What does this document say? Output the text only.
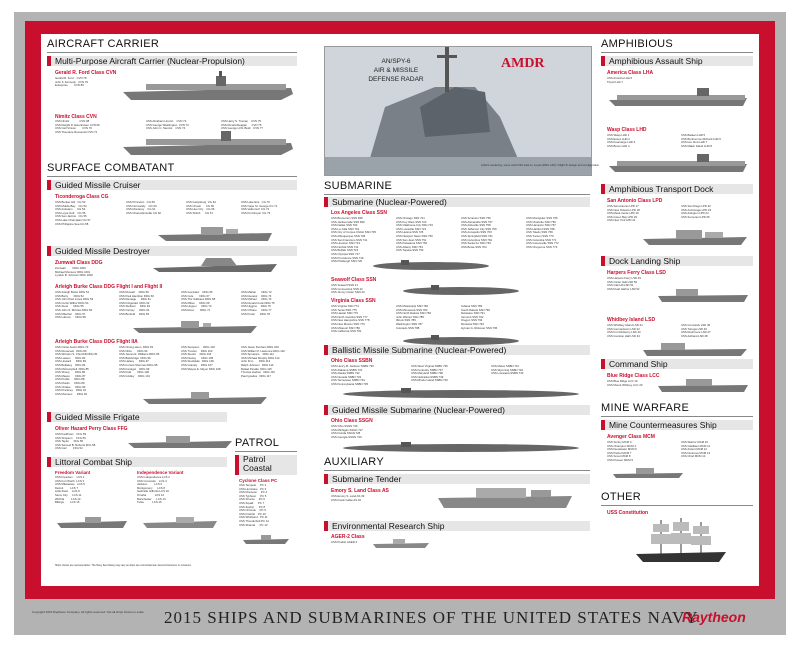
AIRCRAFT CARRIER
Multi-Purpose Aircraft Carrier (Nuclear-Propulsion)
Gerald R. Ford Class CVN
Gerald R. Ford    CVN 78
John F. Kennedy   CVN 79
Enterprise        CVN 80
Nimitz Class CVN
USS Nimitz             CVN 68
USS Dwight D. Eisenhower CVN 69
USS Carl Vinson        CVN 70
USS Theodore Roosevelt CVN 71
USS Abraham Lincoln    CVN 72
USS George Washington  CVN 73
USS John C. Stennis    CVN 74
USS Harry S. Truman    CVN 75
USS Ronald Reagan      CVN 76
USS George H.W. Bush   CVN 77
SURFACE COMBATANT
Guided Missile Cruiser
Ticonderoga Class CG
USS Bunker Hill   CG 52
USS Mobile Bay    CG 53
USS Antietam      CG 54
USS Leyte Gulf    CG 55
USS San Jacinto   CG 56
USS Lake Champlain CG 57
USS Philippine Sea CG 58
USS Princeton   CG 59
USS Normandy    CG 60
USS Monterey    CG 61
USS Chancellorsville CG 62
USS Gettysburg  CG 64
USS Chosin      CG 65
USS Hue City    CG 66
USS Shiloh      CG 67
USS Lake Erie   CG 70
USS Cape St. George CG 71
USS Vella Gulf  CG 72
USS Port Royal  CG 73
Guided Missile Destroyer
Zumwalt Class DDG
Zumwalt         DDG 1000
Michael Monsoor DDG 1001
Lyndon B. Johnson DDG 1002
Arleigh Burke Class DDG Flight I and Flight II
USS Arleigh Burke DDG 51
USS Barry       DDG 52
USS John Paul Jones DDG 53
USS Curtis Wilbur DDG 54
USS Stout       DDG 55
USS John S. McCain DDG 56
USS Mitscher    DDG 57
USS Laboon      DDG 58
USS Russell     DDG 59
USS Paul Hamilton DDG 60
USS Ramage      DDG 61
USS Fitzgerald  DDG 62
USS Stethem     DDG 63
USS Carney      DDG 64
USS Benfold     DDG 65
USS Gonzalez    DDG 66
USS Cole        DDG 67
USS The Sullivans DDG 68
USS Milius      DDG 69
USS Hopper      DDG 70
USS Ross        DDG 71
USS Mahan       DDG 72
USS Decatur     DDG 73
USS McFaul      DDG 74
USS Donald Cook DDG 75
USS Higgins     DDG 76
USS O'Kane      DDG 77
USS Porter      DDG 78
Arleigh Burke Class DDG Flight IIA
USS Oscar Austin DDG 79
USS Roosevelt   DDG 80
USS Winston S. Churchill DDG 81
USS Lassen      DDG 82
USS Howard      DDG 83
USS Bulkeley    DDG 84
USS McCampbell  DDG 85
USS Shoup       DDG 86
USS Mason       DDG 87
USS Preble      DDG 88
USS Mustin      DDG 89
USS Chafee      DDG 90
USS Pinckney    DDG 91
USS Momsen      DDG 92
USS Chung-Hoon  DDG 93
USS Nitze       DDG 94
USS James E. Williams DDG 95
USS Bainbridge  DDG 96
USS Halsey      DDG 97
USS Forrest Sherman DDG 98
USS Farragut    DDG 99
USS Kidd        DDG 100
USS Gridley     DDG 101
USS Sampson     DDG 102
USS Truxtun     DDG 103
USS Sterett     DDG 104
USS Dewey       DDG 105
USS Stockdale   DDG 106
USS Gravely     DDG 107
USS Wayne E. Meyer DDG 108
USS Jason Dunham DDG 109
USS William P. Lawrence DDG 110
USS Spruance    DDG 111
USS Michael Murphy DDG 112
John Finn       DDG 113
Ralph Johnson   DDG 114
Rafael Peralta  DDG 115
Thomas Hudner   DDG 116
Paul Ignatius   DDG 117
Guided Missile Frigate
Oliver Hazard Perry Class FFG
USS Kauffman    FFG 59
USS Simpson     FFG 56
USS Taylor      FFG 50
USS Samuel B. Roberts FFG 58
USS Carr        FFG 52
Littoral Combat Ship
Freedom Variant
USS Freedom     LCS 1
USS Fort Worth  LCS 3
USS Milwaukee   LCS 5
Detroit         LCS 7
Little Rock     LCS 9
Sioux City      LCS 11
Wichita         LCS 13
Billings        LCS 15
Independence Variant
USS Independence LCS 2
USS Coronado    LCS 4
Jackson         LCS 6
Montgomery      LCS 8
Gabrielle Giffords LCS 10
Omaha           LCS 12
Manchester      LCS 14
Tulsa           LCS 16
Ships shown are representative. The Navy fleet listing may vary as ships are commissioned, decommissioned, or renamed.
PATROL
Patrol
Coastal
Cyclone Class PC
USS Tempest     PC 2
USS Hurricane   PC 3
USS Monsoon     PC 4
USS Typhoon     PC 5
USS Sirocco     PC 6
USS Squall      PC 7
USS Zephyr      PC 8
USS Chinook     PC 9
USS Firebolt    PC 10
USS Whirlwind   PC 11
USS Thunderbolt PC 12
USS Shamal      PC 13
AN/SPY-6
AIR & MISSILE
DEFENSE RADAR
AMDR
Artist's rendering, some craft USS Jack H. Lucas (DDG 125) / Flight III design and configuration
SUBMARINE
Submarine (Nuclear-Powered)
Los Angeles Class SSN
USS Bremerton SSN 698
USS Jacksonville SSN 699
USS Dallas SSN 700
USS La Jolla SSN 701
USS City of Corpus Christi SSN 705
USS Albuquerque SSN 706
USS San Francisco SSN 711
USS Houston SSN 713
USS Norfolk SSN 714
USS Buffalo SSN 715
USS Olympia SSN 717
USS Providence SSN 719
USS Pittsburgh SSN 720
USS Chicago SSN 721
USS Key West SSN 722
USS Oklahoma City SSN 723
USS Louisville SSN 724
USS Helena SSN 725
USS Newport News SSN 750
USS San Juan SSN 751
USS Pasadena SSN 752
USS Albany SSN 753
USS Topeka SSN 754
USS Scranton SSN 756
USS Alexandria SSN 757
USS Asheville SSN 758
USS Jefferson City SSN 759
USS Annapolis SSN 760
USS Springfield SSN 761
USS Columbus SSN 762
USS Santa Fe SSN 763
USS Boise SSN 764
USS Montpelier SSN 765
USS Charlotte SSN 766
USS Hampton SSN 767
USS Hartford SSN 768
USS Toledo SSN 769
USS Tucson SSN 770
USS Columbia SSN 771
USS Greeneville SSN 772
USS Cheyenne SSN 773
Seawolf Class SSN
USS Seawolf SSN 21
USS Connecticut SSN 22
USS Jimmy Carter SSN 23
Virginia Class SSN
USS Virginia SSN 774
USS Texas SSN 775
USS Hawaii SSN 776
USS North Carolina SSN 777
USS New Hampshire SSN 778
USS New Mexico SSN 779
USS Missouri SSN 780
USS California SSN 781
USS Mississippi SSN 782
USS Minnesota SSN 783
USS North Dakota SSN 784
John Warner SSN 785
Illinois SSN 786
Washington SSN 787
Colorado SSN 788
Indiana SSN 789
South Dakota SSN 790
Delaware SSN 791
Vermont SSN 792
Oregon SSN 793
Montana SSN 794
Hyman G. Rickover SSN 795
Ballistic Missile Submarine (Nuclear-Powered)
Ohio Class SSBN
USS Henry M. Jackson SSBN 730
USS Alabama SSBN 731
USS Alaska SSBN 732
USS Nevada SSBN 733
USS Tennessee SSBN 734
USS Pennsylvania SSBN 735
USS West Virginia SSBN 736
USS Kentucky SSBN 737
USS Maryland SSBN 738
USS Nebraska SSBN 739
USS Rhode Island SSBN 740
USS Maine SSBN 741
USS Wyoming SSBN 742
USS Louisiana SSBN 743
Guided Missile Submarine (Nuclear-Powered)
Ohio Class SSGN
USS Ohio SSGN 726
USS Michigan SSGN 727
USS Florida SSGN 728
USS Georgia SSGN 729
AUXILIARY
Submarine Tender
Emory S. Land Class AS
USS Emory S. Land AS 39
USS Frank Cable AS 40
Environmental Research Ship
AGER-2 Class
USS Pueblo AGER 2
AMPHIBIOUS
Amphibious Assault Ship
America Class LHA
USS America LHA 6
Tripoli LHA 7
Wasp Class LHD
USS Wasp LHD 1
USS Essex LHD 2
USS Kearsarge LHD 3
USS Boxer LHD 4
USS Bataan LHD 5
USS Bonhomme Richard LHD 6
USS Iwo Jima LHD 7
USS Makin Island LHD 8
Amphibious Transport Dock
San Antonio Class LPD
USS San Antonio LPD 17
USS New Orleans LPD 18
USS Mesa Verde LPD 19
USS Green Bay LPD 20
USS New York LPD 21
USS San Diego LPD 22
USS Anchorage LPD 23
USS Arlington LPD 24
USS Somerset LPD 25
Dock Landing Ship
Harpers Ferry Class LSD
USS Harpers Ferry LSD 49
USS Carter Hall LSD 50
USS Oak Hill LSD 51
USS Pearl Harbor LSD 52
Whidbey Island LSD
USS Whidbey Island LSD 41
USS Germantown LSD 42
USS Fort McHenry LSD 43
USS Gunston Hall LSD 44
USS Comstock LSD 45
USS Tortuga LSD 46
USS Rushmore LSD 47
USS Ashland LSD 48
Command Ship
Blue Ridge Class LCC
USS Blue Ridge LCC 19
USS Mount Whitney LCC 20
MINE WARFARE
Mine Countermeasures Ship
Avenger Class MCM
USS Sentry MCM 3
USS Champion MCM 4
USS Devastator MCM 6
USS Patriot MCM 7
USS Scout MCM 8
USS Pioneer MCM 9
USS Warrior MCM 10
USS Gladiator MCM 11
USS Ardent MCM 12
USS Dextrous MCM 13
USS Chief MCM 14
OTHER
USS Constitution
Copyright 2015 Raytheon Company. All rights reserved. Not all ships shown to scale.	2015 SHIPS AND SUBMARINES OF THE UNITED STATES NAVY
Raytheon
